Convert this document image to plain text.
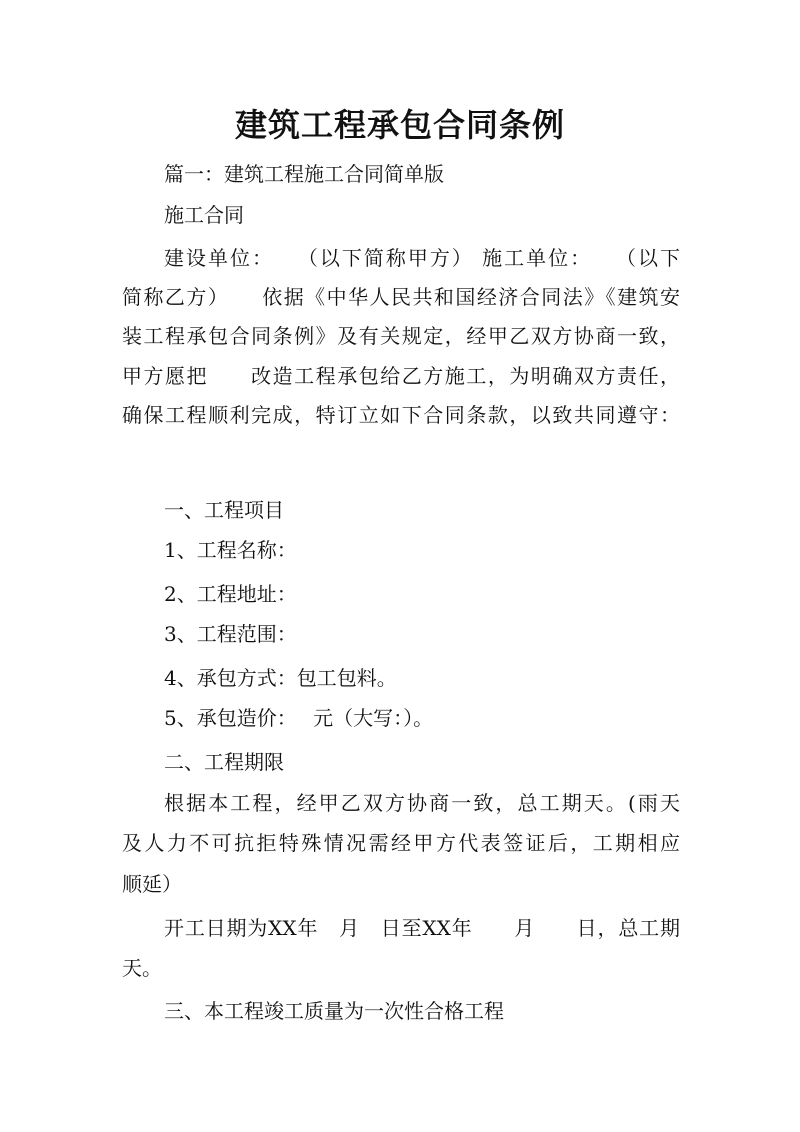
建筑工程承包合同条例
篇一：建筑工程施工合同简单版
施工合同
建设单位：　　（以下简称甲方） 施工单位：　　（以下
简称乙方）　　依据《中华人民共和国经济合同法》《建筑安
装工程承包合同条例》及有关规定，经甲乙双方协商一致，
甲方愿把　　改造工程承包给乙方施工，为明确双方责任，
确保工程顺利完成，特订立如下合同条款，以致共同遵守：
一、工程项目
1、工程名称：
2、工程地址：
3、工程范围：
4、承包方式：包工包料。
5、承包造价：　 元（大写：）。
二、工程期限
根据本工程，经甲乙双方协商一致，总工期天。(雨天
及人力不可抗拒特殊情况需经甲方代表签证后，工期相应
顺延）
开工日期为XX年　月　日至XX年　　月　　日，总工期
天。
三、本工程竣工质量为一次性合格工程
